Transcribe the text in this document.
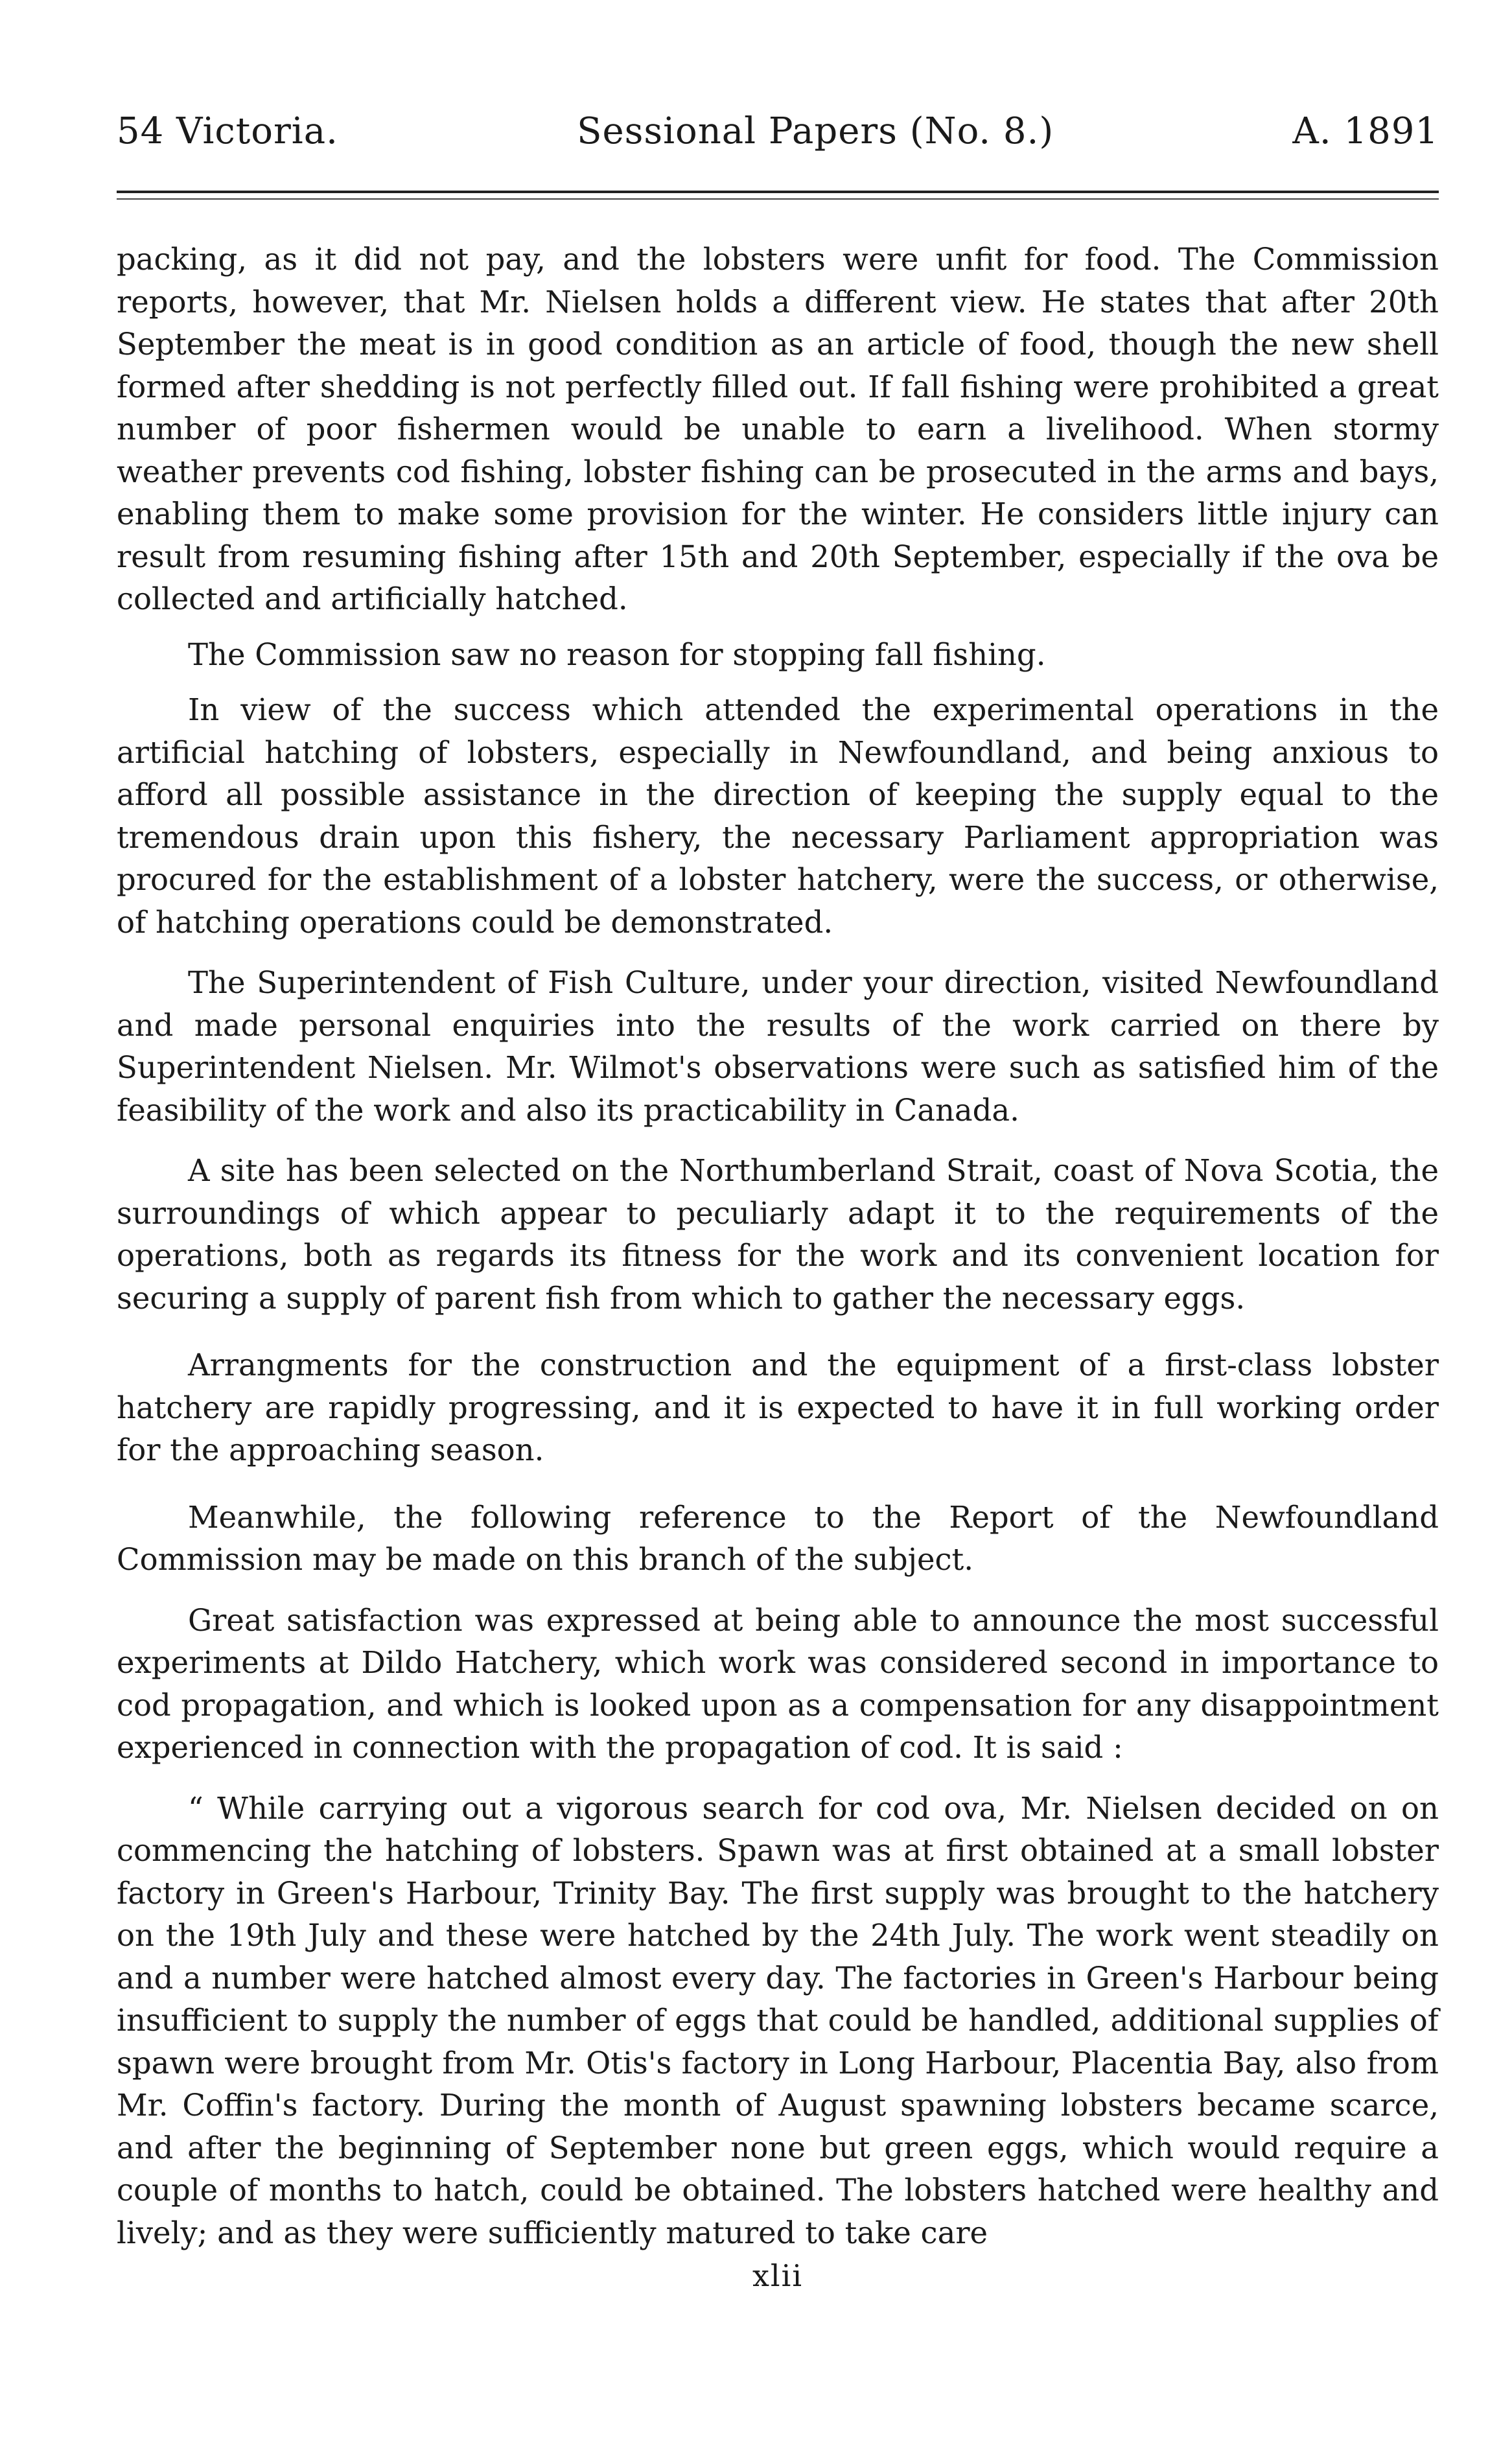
54 Victoria.	Sessional Papers (No. 8.)	A. 1891

packing, as it did not pay, and the lobsters were unfit for food. The Commission reports, however, that Mr. Nielsen holds a different view. He states that after 20th September the meat is in good condition as an article of food, though the new shell formed after shedding is not perfectly filled out. If fall fishing were prohibited a great number of poor fishermen would be unable to earn a livelihood. When stormy weather prevents cod fishing, lobster fishing can be prosecuted in the arms and bays, enabling them to make some provision for the winter. He considers little injury can result from resuming fishing after 15th and 20th September, especially if the ova be collected and artificially hatched.

The Commission saw no reason for stopping fall fishing.

In view of the success which attended the experimental operations in the artificial hatching of lobsters, especially in Newfoundland, and being anxious to afford all possible assistance in the direction of keeping the supply equal to the tremendous drain upon this fishery, the necessary Parliament appropriation was procured for the establishment of a lobster hatchery, were the success, or otherwise, of hatching operations could be demonstrated.

The Superintendent of Fish Culture, under your direction, visited Newfoundland and made personal enquiries into the results of the work carried on there by Superintendent Nielsen. Mr. Wilmot's observations were such as satisfied him of the feasibility of the work and also its practicability in Canada.

A site has been selected on the Northumberland Strait, coast of Nova Scotia, the surroundings of which appear to peculiarly adapt it to the requirements of the operations, both as regards its fitness for the work and its convenient location for securing a supply of parent fish from which to gather the necessary eggs.

Arrangments for the construction and the equipment of a first-class lobster hatchery are rapidly progressing, and it is expected to have it in full working order for the approaching season.

Meanwhile, the following reference to the Report of the Newfoundland Commission may be made on this branch of the subject.

Great satisfaction was expressed at being able to announce the most successful experiments at Dildo Hatchery, which work was considered second in importance to cod propagation, and which is looked upon as a compensation for any disappointment experienced in connection with the propagation of cod. It is said :

“ While carrying out a vigorous search for cod ova, Mr. Nielsen decided on on commencing the hatching of lobsters. Spawn was at first obtained at a small lobster factory in Green's Harbour, Trinity Bay. The first supply was brought to the hatchery on the 19th July and these were hatched by the 24th July. The work went steadily on and a number were hatched almost every day. The factories in Green's Harbour being insufficient to supply the number of eggs that could be handled, additional supplies of spawn were brought from Mr. Otis's factory in Long Harbour, Placentia Bay, also from Mr. Coffin's factory. During the month of August spawning lobsters became scarce, and after the beginning of September none but green eggs, which would require a couple of months to hatch, could be obtained. The lobsters hatched were healthy and lively; and as they were sufficiently matured to take care

xlii
